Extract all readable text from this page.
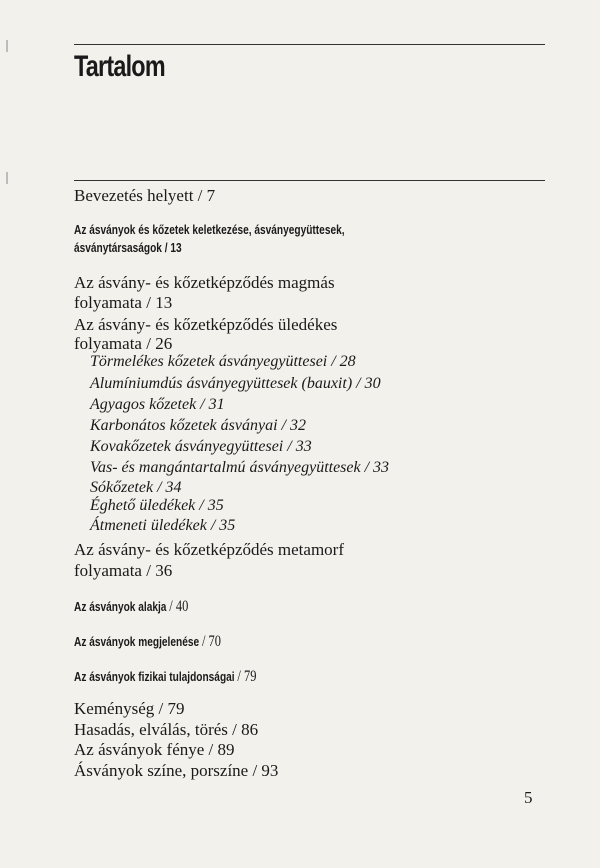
Tartalom
Bevezetés helyett / 7
Az ásványok és kőzetek keletkezése, ásványegyüttesek,
ásványtársaságok / 13
Az ásvány- és kőzetképződés magmás
folyamata / 13
Az ásvány- és kőzetképződés üledékes
folyamata / 26
Törmelékes kőzetek ásványegyüttesei / 28
Alumíniumdús ásványegyüttesek (bauxit) / 30
Agyagos kőzetek / 31
Karbonátos kőzetek ásványai / 32
Kovakőzetek ásványegyüttesei / 33
Vas- és mangántartalmú ásványegyüttesek / 33
Sókőzetek / 34
Éghető üledékek / 35
Átmeneti üledékek / 35
Az ásvány- és kőzetképződés metamorf
folyamata / 36
Az ásványok alakja / 40
Az ásványok megjelenése / 70
Az ásványok fizikai tulajdonságai / 79
Keménység / 79
Hasadás, elválás, törés / 86
Az ásványok fénye / 89
Ásványok színe, porszíne / 93
5
